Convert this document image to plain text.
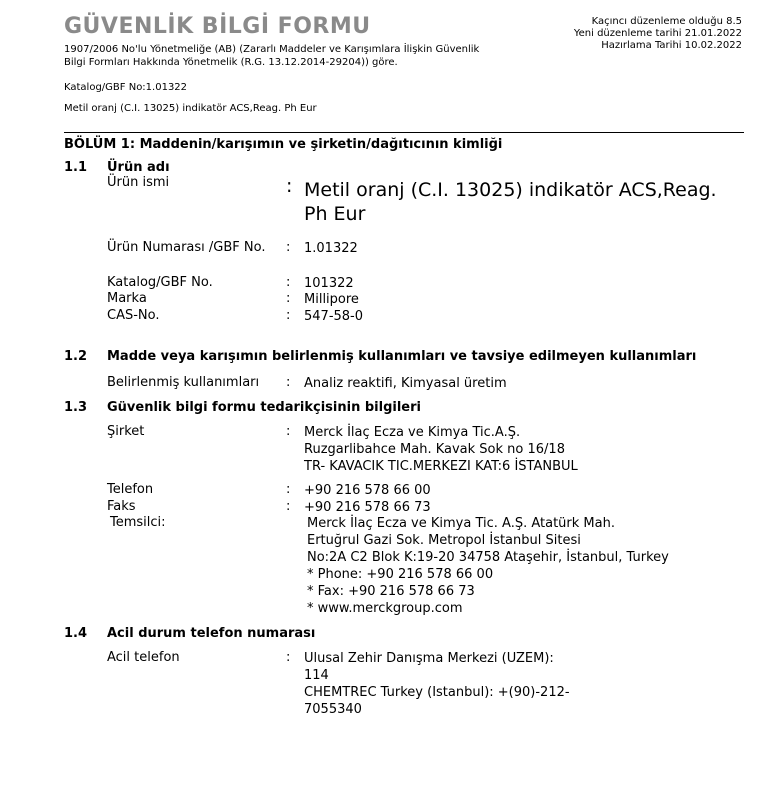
GÜVENLİK BİLGİ FORMU
1907/2006 No'lu Yönetmeliğe (AB) (Zararlı Maddeler ve Karışımlara İlişkin Güvenlik Bilgi Formları Hakkında Yönetmelik (R.G. 13.12.2014-29204)) göre.
Katalog/GBF No:1.01322
Metil oranj (C.I. 13025) indikatör ACS,Reag. Ph Eur
Kaçıncı düzenleme olduğu 8.5
Yeni düzenleme tarihi 21.01.2022
Hazırlama Tarihi 10.02.2022
BÖLÜM 1: Maddenin/karışımın ve şirketin/dağıtıcının kimliği
1.1 Ürün adı
Ürün ismi	: Metil oranj (C.I. 13025) indikatör ACS,Reag. Ph Eur
Ürün Numarası /GBF No.	: 1.01322
Katalog/GBF No.	: 101322
Marka	: Millipore
CAS-No.	: 547-58-0
1.2 Madde veya karışımın belirlenmiş kullanımları ve tavsiye edilmeyen kullanımları
Belirlenmiş kullanımları	: Analiz reaktifi, Kimyasal üretim
1.3 Güvenlik bilgi formu tedarikçisinin bilgileri
Şirket	: Merck İlaç Ecza ve Kimya Tic.A.Ş.
Ruzgarlibahce Mah. Kavak Sok no 16/18
TR- KAVACIK TIC.MERKEZI KAT:6 İSTANBUL
Telefon	: +90 216 578 66 00
Faks	: +90 216 578 66 73
Temsilci:	Merck İlaç Ecza ve Kimya Tic. A.Ş. Atatürk Mah.
Ertuğrul Gazi Sok. Metropol İstanbul Sitesi
No:2A C2 Blok K:19-20 34758 Ataşehir, İstanbul, Turkey
* Phone: +90 216 578 66 00
* Fax: +90 216 578 66 73
* www.merckgroup.com
1.4 Acil durum telefon numarası
Acil telefon	: Ulusal Zehir Danışma Merkezi (UZEM):
114
CHEMTREC Turkey (Istanbul): +(90)-212-
7055340
